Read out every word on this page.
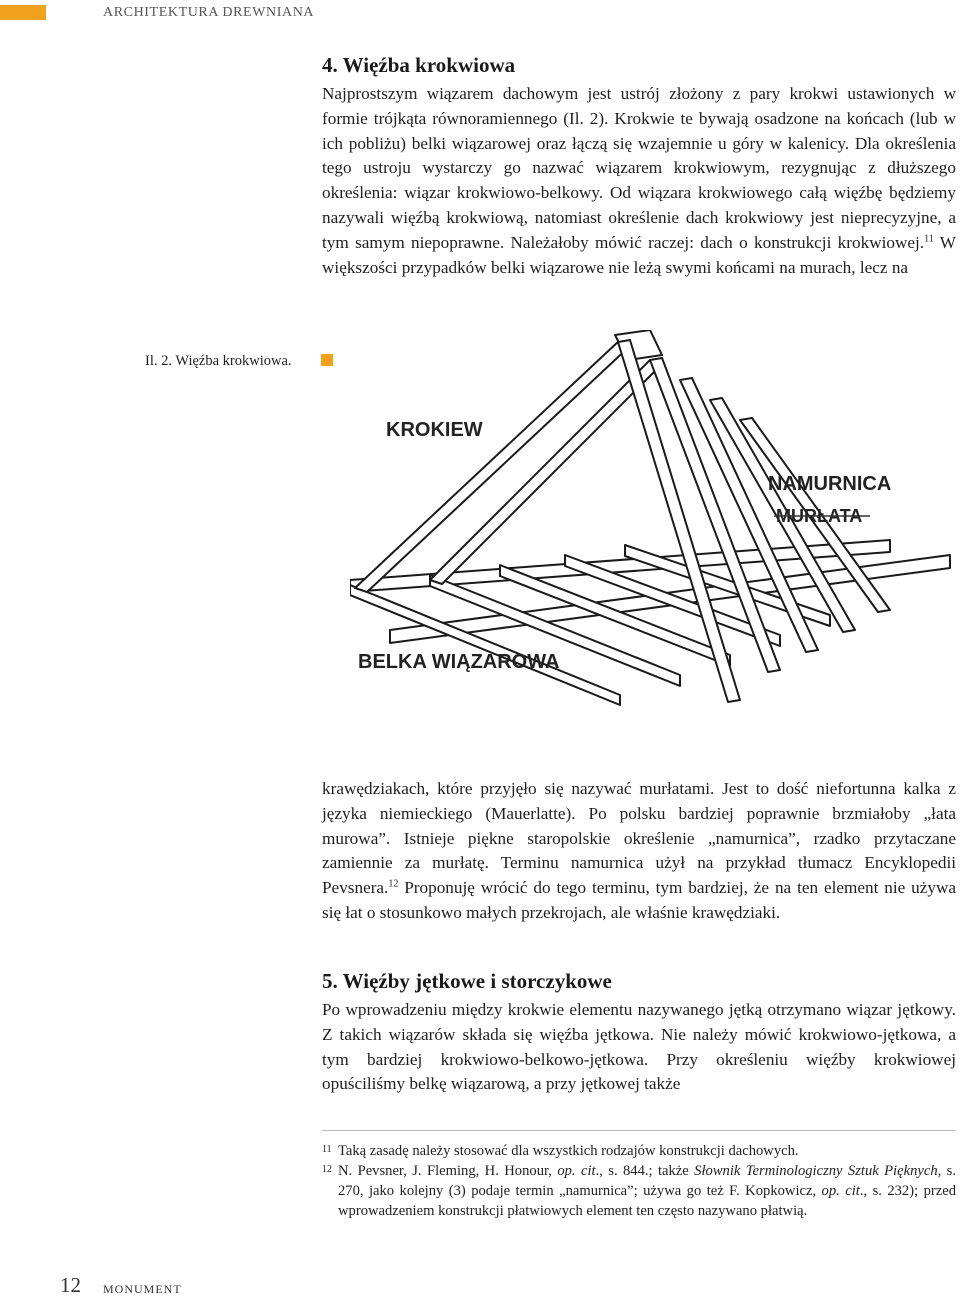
ARCHITEKTURA DREWNIANA
4. Więźba krokwiowa

Najprostszym wiązarem dachowym jest ustrój złożony z pary krokwi ustawionych w formie trójkąta równoramiennego (Il. 2). Krokwie te bywają osadzone na końcach (lub w ich pobliżu) belki wiązarowej oraz łączą się wzajemnie u góry w kalenicy. Dla określenia tego ustroju wystarczy go nazwać wiązarem krokwiowym, rezygnując z dłuższego określenia: wiązar krokwiowo-belkowy. Od wiązara krokwiowego całą więźbę będziemy nazywali więźbą krokwiową, natomiast określenie dach krokwiowy jest nieprecyzyjne, a tym samym niepoprawne. Należałoby mówić raczej: dach o konstrukcji krokwiowej.$^{11}$ W większości przypadków belki wiązarowe nie leżą swymi końcami na murach, lecz na

Il. 2. Więźba krokwiowa.
KROKIEW
NAMURNICA
MURŁATA
BELKA WIĄZAROWA

krawędziakach, które przyjęło się nazywać murłatami. Jest to dość niefortunna kalka z języka niemieckiego (Mauerlatte). Po polsku bardziej poprawnie brzmiałoby „łata murowa”. Istnieje piękne staropolskie określenie „namurnica”, rzadko przytaczane zamiennie za murłatę. Terminu namurnica użył na przykład tłumacz Encyklopedii Pevsnera.$^{12}$ Proponuję wrócić do tego terminu, tym bardziej, że na ten element nie używa się łat o stosunkowo małych przekrojach, ale właśnie krawędziaki.

5. Więźby jętkowe i storczykowe

Po wprowadzeniu między krokwie elementu nazywanego jętką otrzymano wiązar jętkowy. Z takich wiązarów składa się więźba jętkowa. Nie należy mówić krokwiowo-jętkowa, a tym bardziej krokwiowo-belkowo-jętkowa. Przy określeniu więźby krokwiowej opuściliśmy belkę wiązarową, a przy jętkowej także

11 Taką zasadę należy stosować dla wszystkich rodzajów konstrukcji dachowych.
12 N. Pevsner, J. Fleming, H. Honour, op. cit., s. 844.; także Słownik Terminologiczny Sztuk Pięknych, s. 270, jako kolejny (3) podaje termin „namurnica”; używa go też F. Kopkowicz, op. cit., s. 232); przed wprowadzeniem konstrukcji płatwiowych element ten często nazywano płatwią.
12 MONUMENT
